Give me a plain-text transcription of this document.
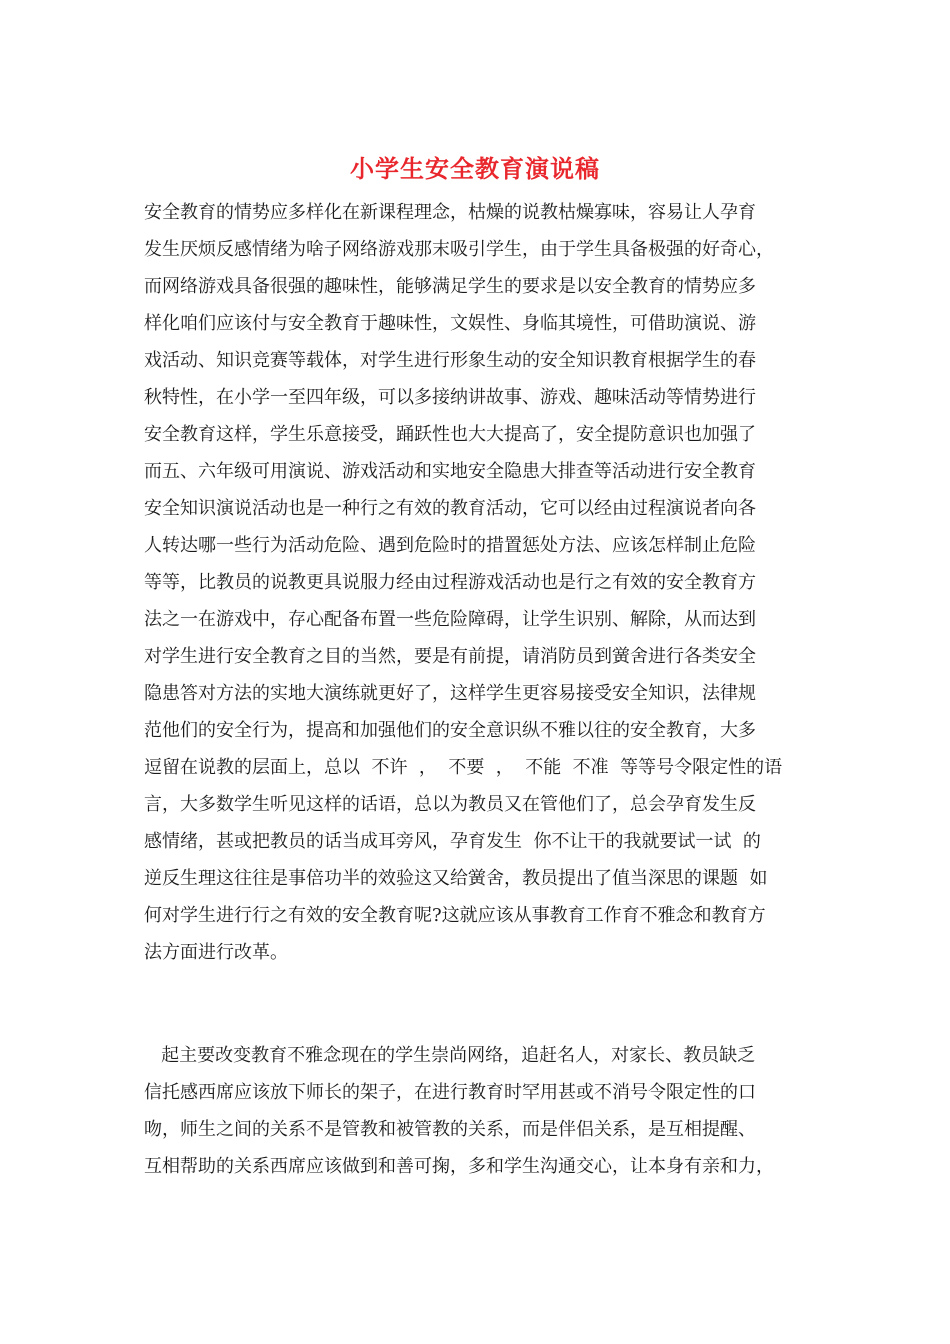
小学生安全教育演说稿
安全教育的情势应多样化在新课程理念，枯燥的说教枯燥寡味，容易让人孕育
发生厌烦反感情绪为啥子网络游戏那末吸引学生，由于学生具备极强的好奇心，
而网络游戏具备很强的趣味性，能够满足学生的要求是以安全教育的情势应多
样化咱们应该付与安全教育于趣味性，文娱性、身临其境性，可借助演说、游
戏活动、知识竞赛等载体，对学生进行形象生动的安全知识教育根据学生的春
秋特性，在小学一至四年级，可以多接纳讲故事、游戏、趣味活动等情势进行
安全教育这样，学生乐意接受，踊跃性也大大提高了，安全提防意识也加强了
而五、六年级可用演说、游戏活动和实地安全隐患大排查等活动进行安全教育
安全知识演说活动也是一种行之有效的教育活动，它可以经由过程演说者向各
人转达哪一些行为活动危险、遇到危险时的措置惩处方法、应该怎样制止危险
等等，比教员的说教更具说服力经由过程游戏活动也是行之有效的安全教育方
法之一在游戏中，存心配备布置一些危险障碍，让学生识别、解除，从而达到
对学生进行安全教育之目的当然，要是有前提，请消防员到黉舍进行各类安全
隐患答对方法的实地大演练就更好了，这样学生更容易接受安全知识，法律规
范他们的安全行为，提高和加强他们的安全意识纵不雅以往的安全教育，大多
逗留在说教的层面上，总以  不许  ，  不要  ，  不能  不准  等等号令限定性的语
言，大多数学生听见这样的话语，总以为教员又在管他们了，总会孕育发生反
感情绪，甚或把教员的话当成耳旁风，孕育发生  你不让干的我就要试一试  的
逆反生理这往往是事倍功半的效验这又给黉舍，教员提出了值当深思的课题  如
何对学生进行行之有效的安全教育呢?这就应该从事教育工作育不雅念和教育方
法方面进行改革。
起主要改变教育不雅念现在的学生崇尚网络，追赶名人，对家长、教员缺乏
信托感西席应该放下师长的架子，在进行教育时罕用甚或不消号令限定性的口
吻，师生之间的关系不是管教和被管教的关系，而是伴侣关系，是互相提醒、
互相帮助的关系西席应该做到和善可掬，多和学生沟通交心，让本身有亲和力，
